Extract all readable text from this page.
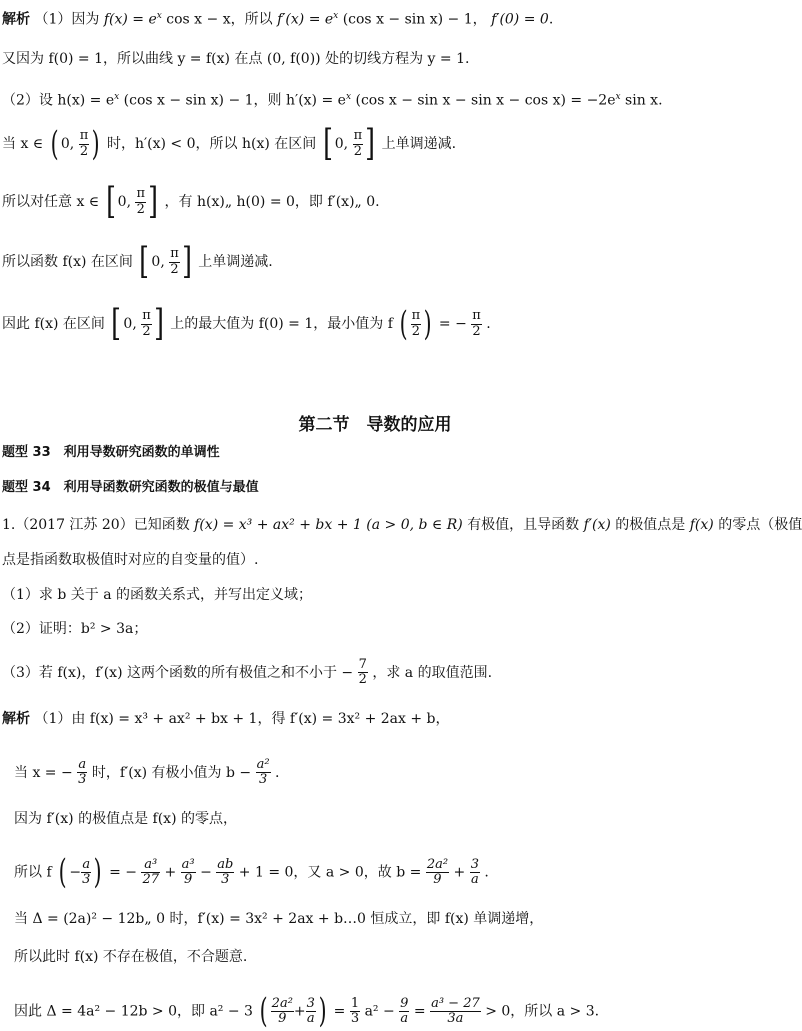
解析 （1）因为 $f(x) = e^x$ cos x − x，所以 $f'(x) = e^x$ (cos x − sin x) − 1， f′(0) = 0.
又因为 f(0) = 1，所以曲线 y = f(x) 在点 (0, f(0)) 处的切线方程为 y = 1.
（2）设 $h(x) = e^x$ (cos x − sin x) − 1，则 $h'(x) = e^x$ (cos $x - \sin x - \sin x - \cos x) = -2e^x$ sin x.
当 x ∈ ( 0, $\frac{\pi}{2}$ ) 时，h′(x) < 0，所以 h(x) 在区间 [ 0, $\frac{\pi}{2}$ ] 上单调递减.
所以对任意 x ∈ [ 0, $\frac{\pi}{2}$ ] ，有 h(x)„ h(0) = 0，即 f′(x)„ 0.
所以函数 f(x) 在区间 [ 0, $\frac{\pi}{2}$ ] 上单调递减.
因此 f(x) 在区间 [ 0, $\frac{\pi}{2}$ ] 上的最大值为 f(0) = 1，最小值为 f ( $\frac{\pi}{2}$ ) = − $\frac{\pi}{2}$ .
第二节　导数的应用
题型 33　利用导数研究函数的单调性
题型 34　利用导函数研究函数的极值与最值
1.（2017 江苏 20）已知函数 f(x) = x³ + ax² + bx + 1 (a > 0, b ∈ R) 有极值，且导函数 f′(x) 的极值点是 f(x) 的零点（极值
点是指函数取极值时对应的自变量的值）.
（1）求 b 关于 a 的函数关系式，并写出定义域；
（2）证明：b² > 3a；
（3）若 f(x)，f′(x) 这两个函数的所有极值之和不小于 − $\frac{7}{2}$ ，求 a 的取值范围.
解析 （1）由 f(x) = x³ + ax² + bx + 1，得 f′(x) = 3x² + 2ax + b，
当 x = − $\frac{a}{3}$ 时，f′(x) 有极小值为 $b - \frac{\text{a²}}{3}$ .
因为 f′(x) 的极值点是 f(x) 的零点，
所以 f ( − $\frac{a}{3}$ ) = − $\frac{\text{a³}}{27} + \frac{\text{a³}}{9} - \frac{ab}{3} + 1 = 0$，又 a > 0，故 $b = \frac{\text{2a²}}{9} + \frac{3}{a}$ .
当 Δ = (2a)² − 12b„ 0 时，f′(x) = 3x² + 2ax + b…0 恒成立，即 f(x) 单调递增，
所以此时 f(x) 不存在极值，不合题意.
因此 Δ = 4a² − 12b > 0，即 a² − 3 ( $\frac{\text{2a²}}{9} + \frac{3}{a}$ ) = $\frac{1}{3} a^2 - \frac{9}{a} = \frac{\text{a³ − 27}}{3a} > 0$，所以 a > 3.
